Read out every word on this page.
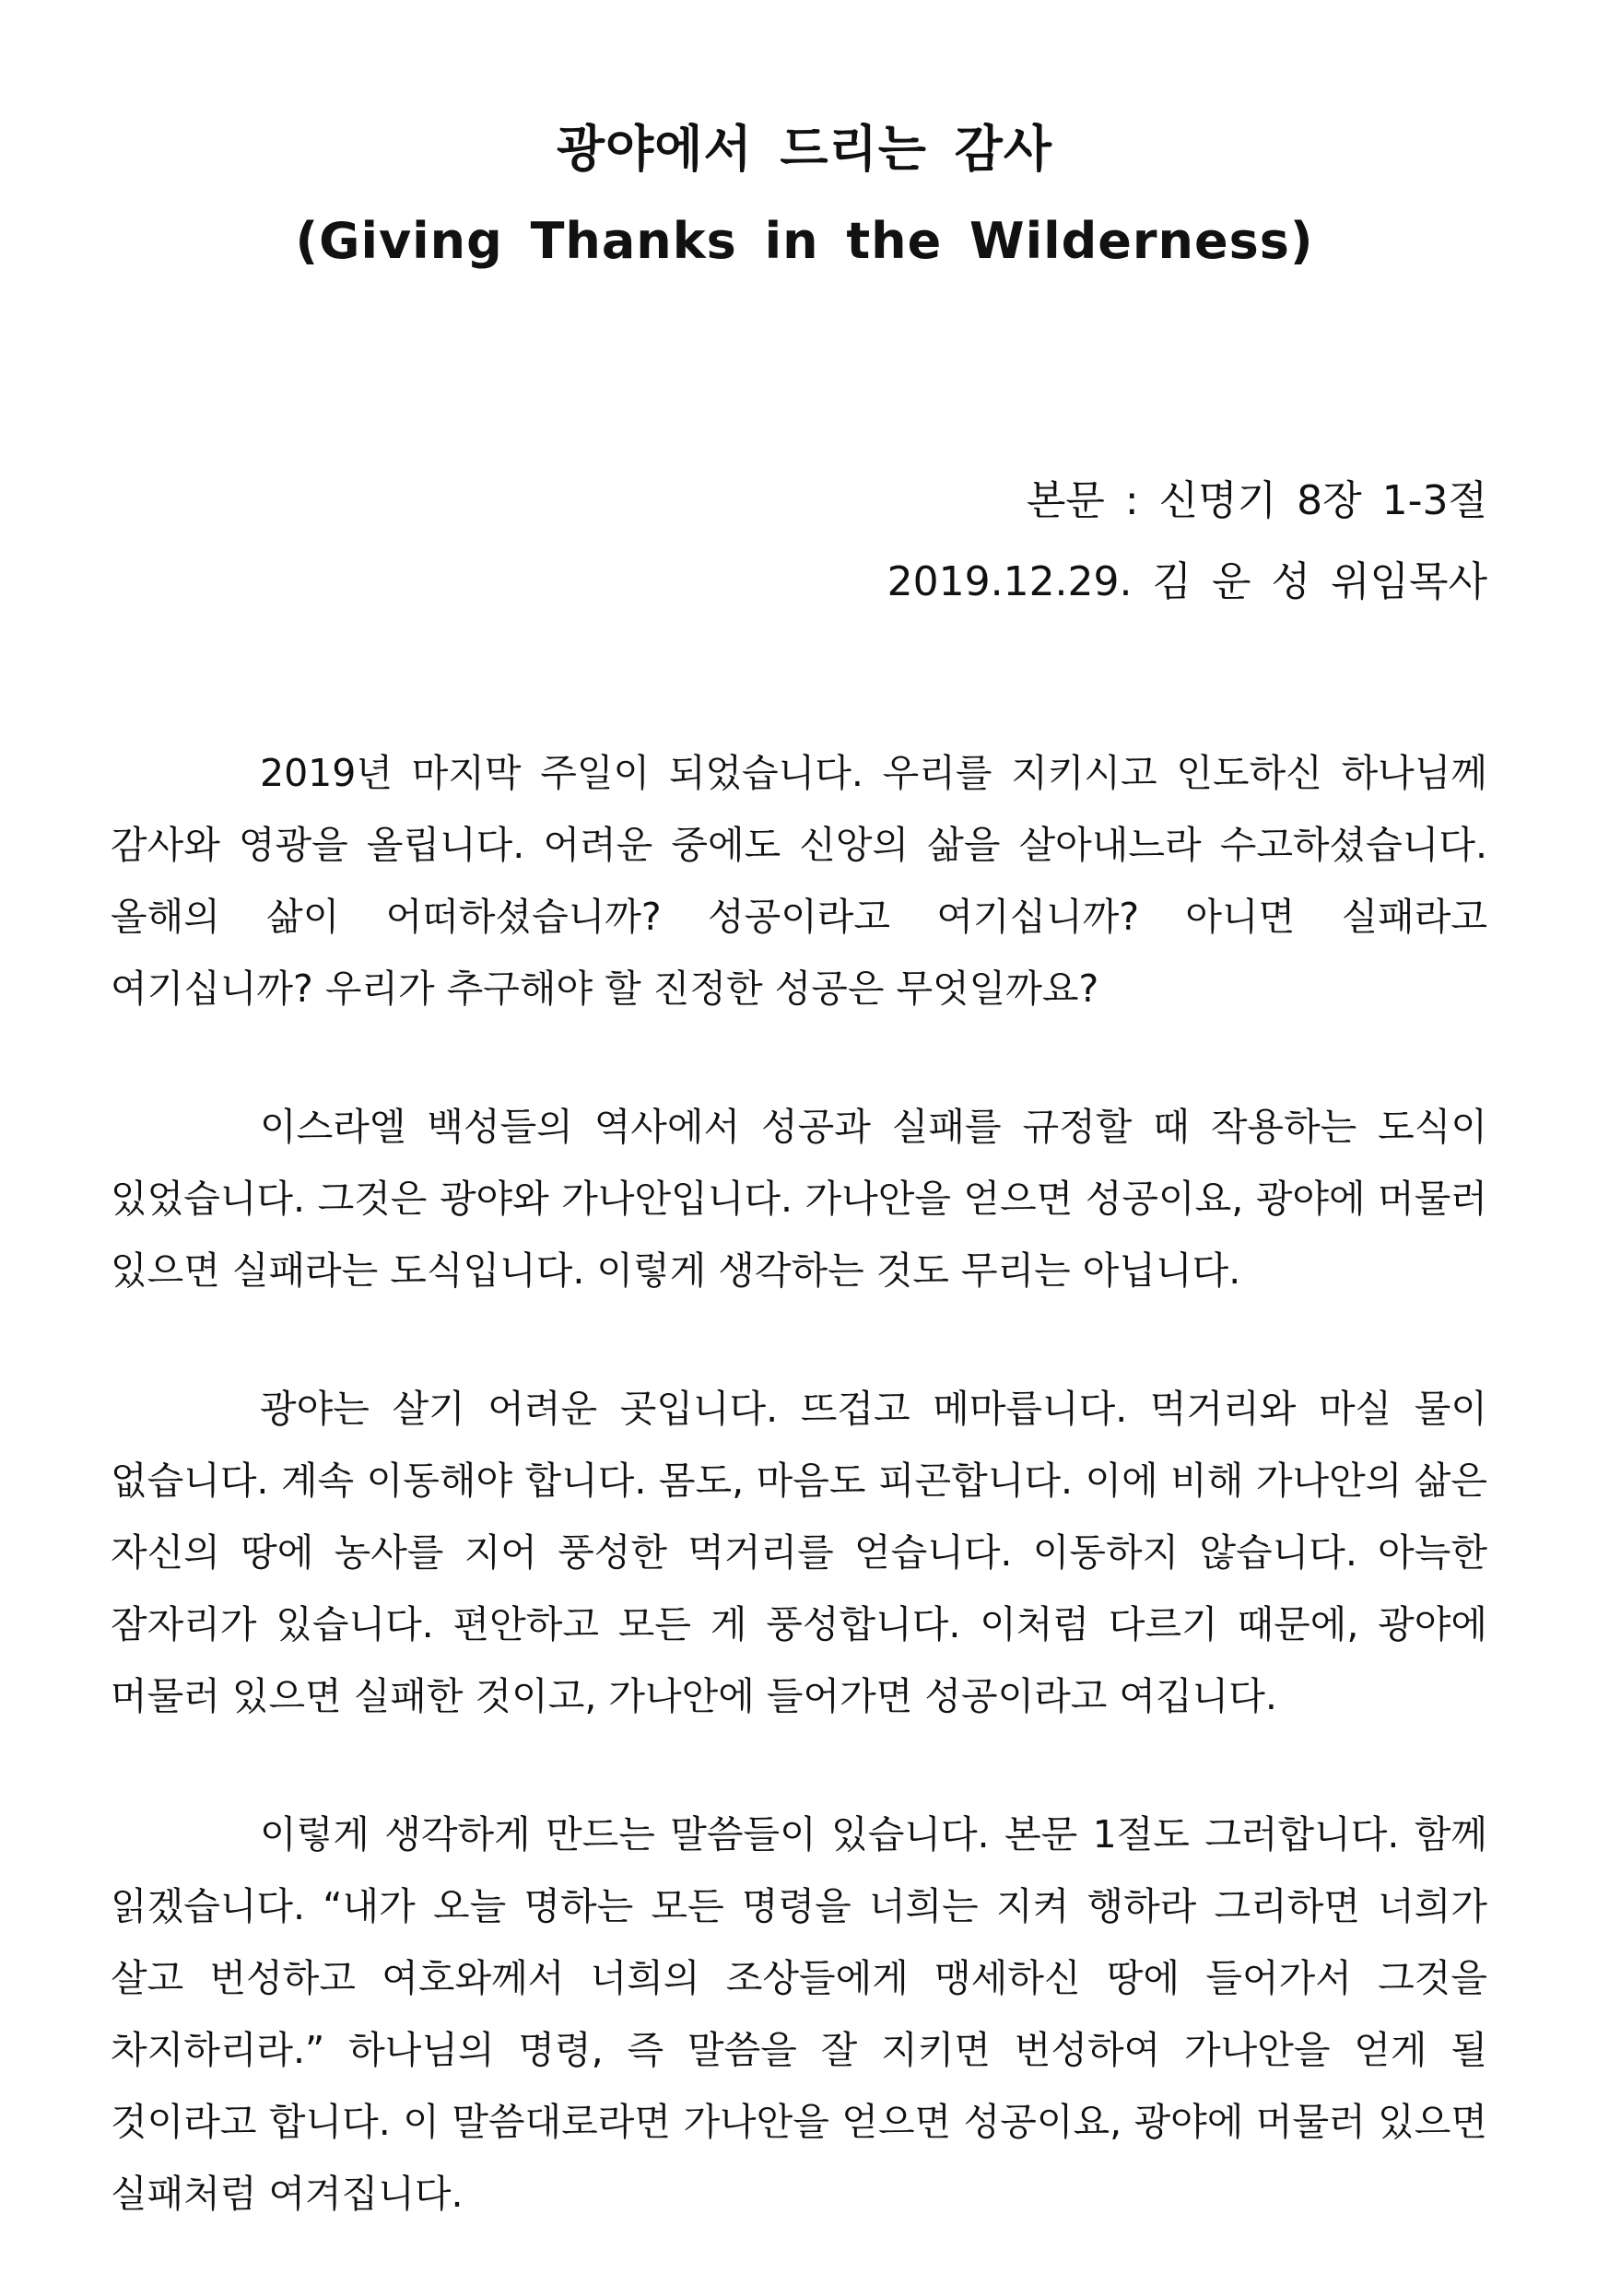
광야에서 드리는 감사
(Giving Thanks in the Wilderness)
본문 : 신명기 8장 1-3절
2019.12.29. 김 운 성 위임목사

2019년 마지막 주일이 되었습니다. 우리를 지키시고 인도하신 하나님께 감사와 영광을 올립니다. 어려운 중에도 신앙의 삶을 살아내느라 수고하셨습니다. 올해의 삶이 어떠하셨습니까? 성공이라고 여기십니까? 아니면 실패라고 여기십니까? 우리가 추구해야 할 진정한 성공은 무엇일까요?

이스라엘 백성들의 역사에서 성공과 실패를 규정할 때 작용하는 도식이 있었습니다. 그것은 광야와 가나안입니다. 가나안을 얻으면 성공이요, 광야에 머물러 있으면 실패라는 도식입니다. 이렇게 생각하는 것도 무리는 아닙니다.

광야는 살기 어려운 곳입니다. 뜨겁고 메마릅니다. 먹거리와 마실 물이 없습니다. 계속 이동해야 합니다. 몸도, 마음도 피곤합니다. 이에 비해 가나안의 삶은 자신의 땅에 농사를 지어 풍성한 먹거리를 얻습니다. 이동하지 않습니다. 아늑한 잠자리가 있습니다. 편안하고 모든 게 풍성합니다. 이처럼 다르기 때문에, 광야에 머물러 있으면 실패한 것이고, 가나안에 들어가면 성공이라고 여깁니다.

이렇게 생각하게 만드는 말씀들이 있습니다. 본문 1절도 그러합니다. 함께 읽겠습니다. “내가 오늘 명하는 모든 명령을 너희는 지켜 행하라 그리하면 너희가 살고 번성하고 여호와께서 너희의 조상들에게 맹세하신 땅에 들어가서 그것을 차지하리라.” 하나님의 명령, 즉 말씀을 잘 지키면 번성하여 가나안을 얻게 될 것이라고 합니다. 이 말씀대로라면 가나안을 얻으면 성공이요, 광야에 머물러 있으면 실패처럼 여겨집니다.
